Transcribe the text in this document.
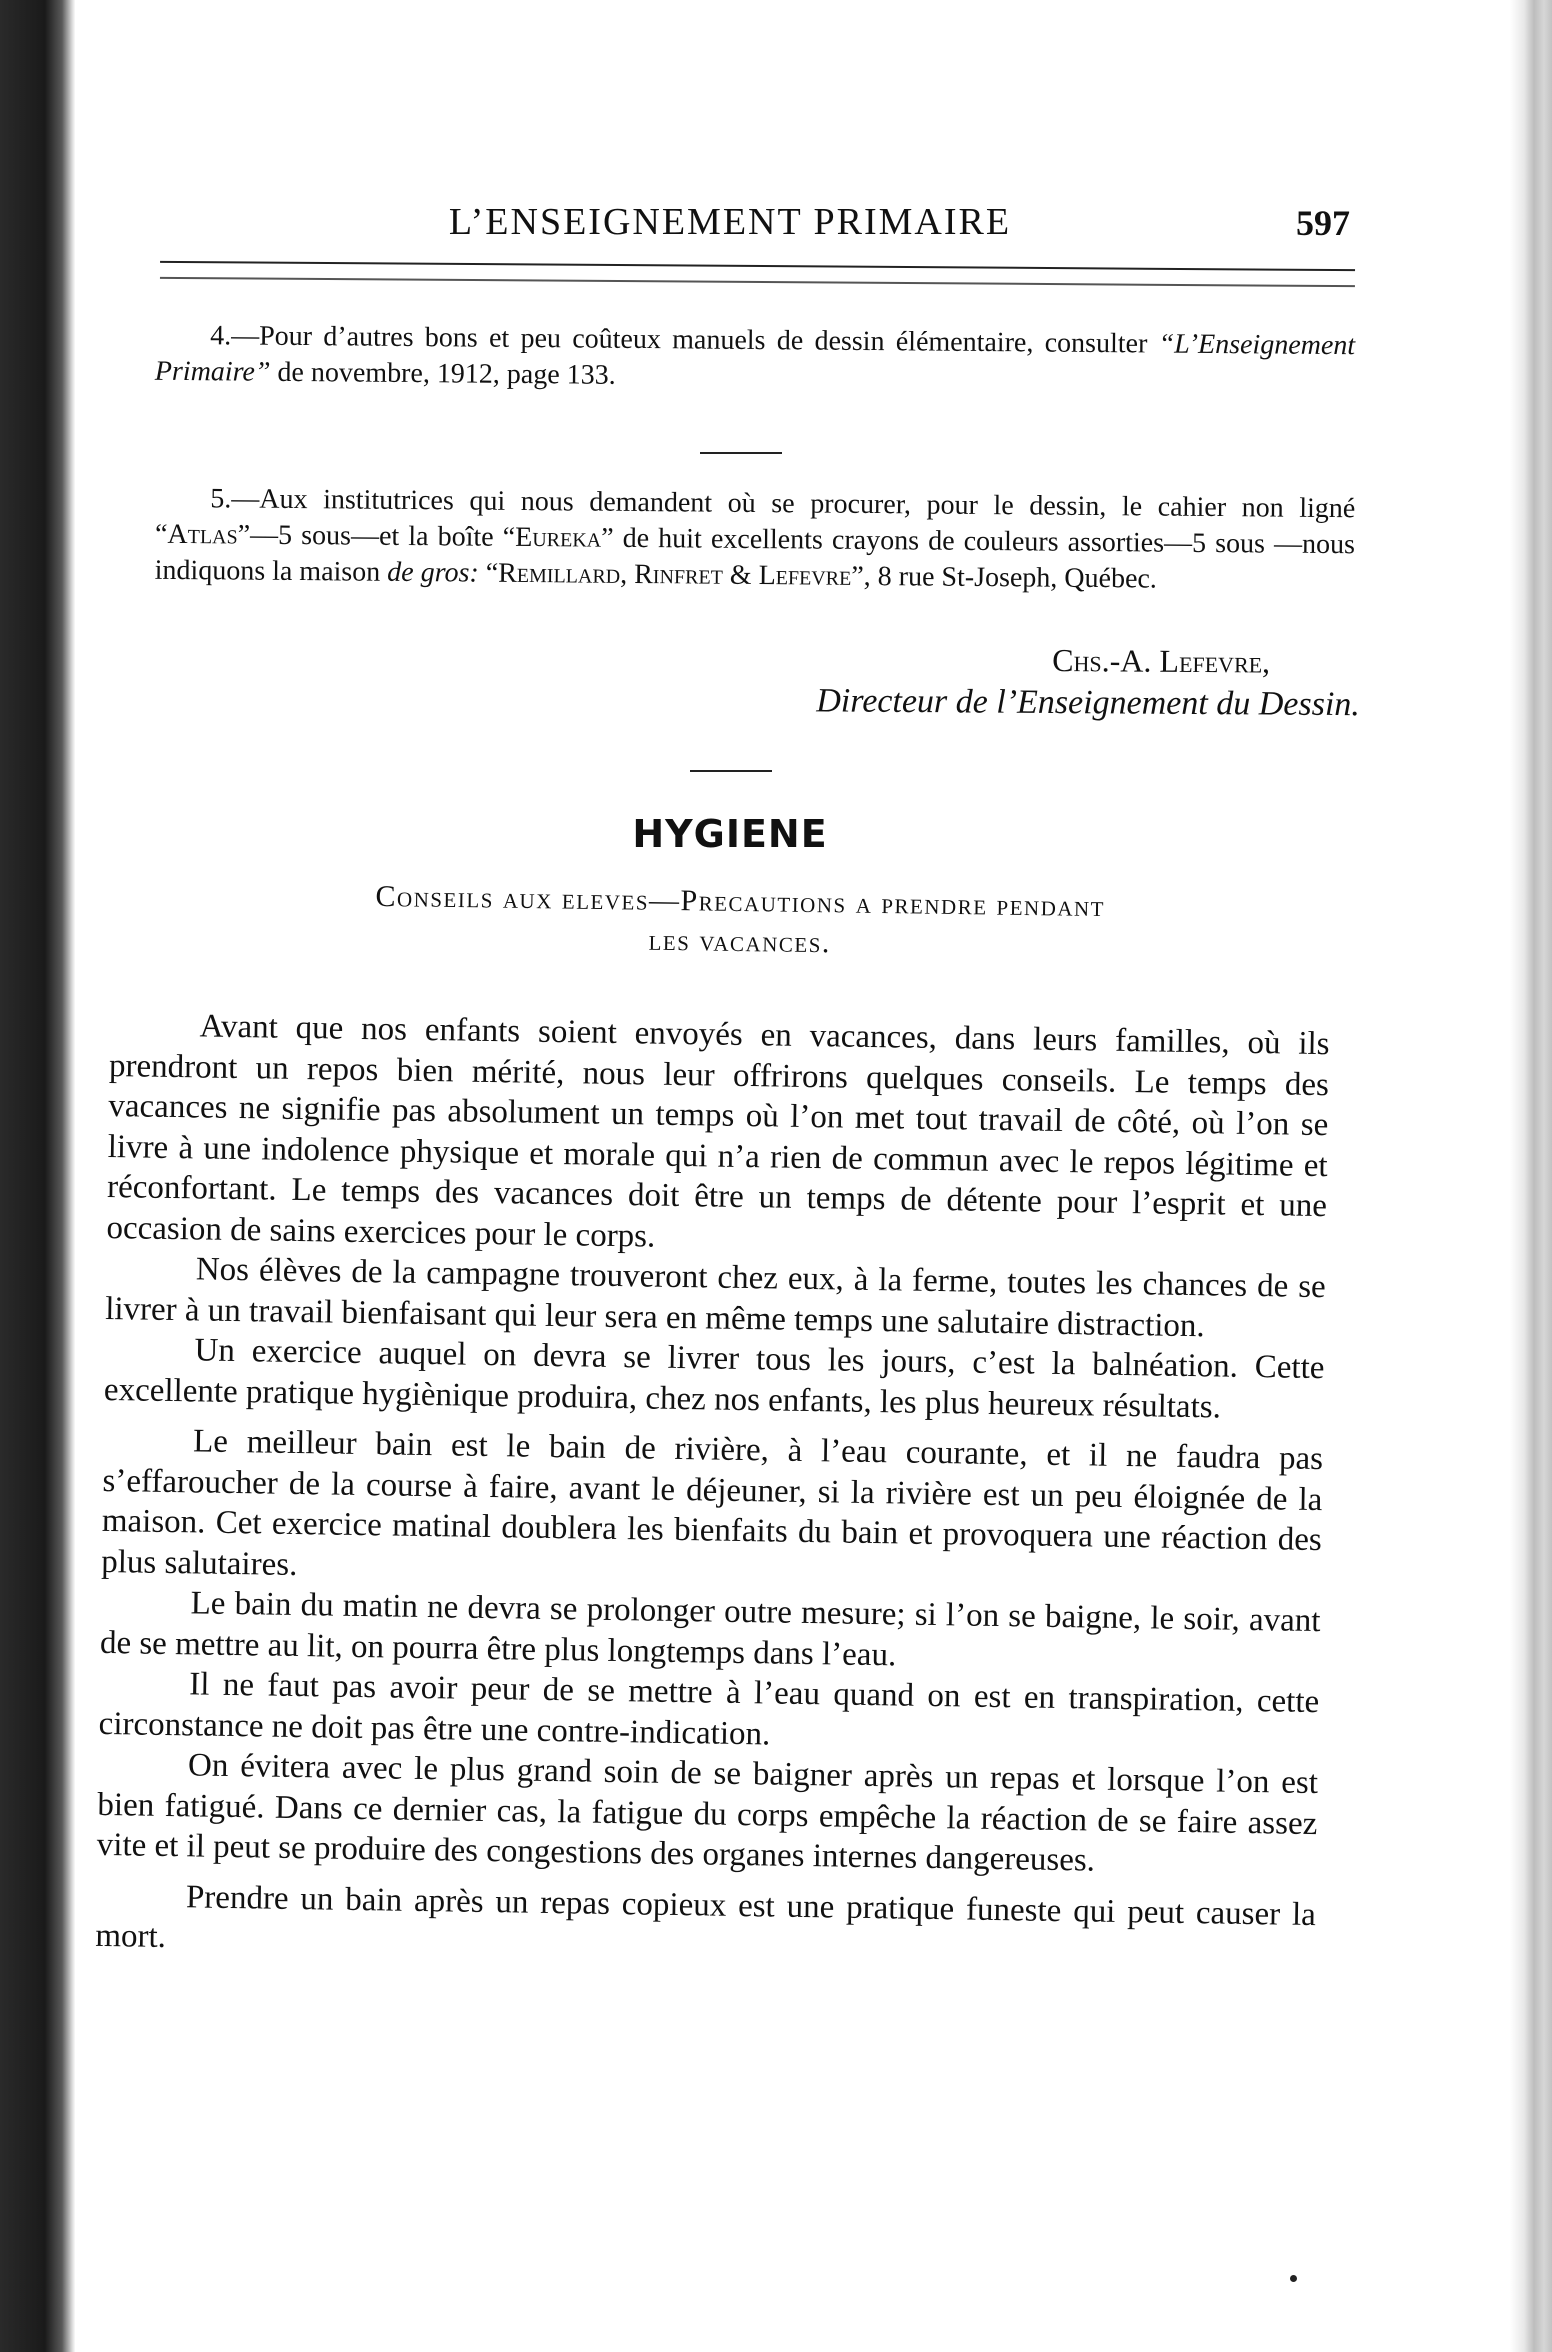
L’ENSEIGNEMENT PRIMAIRE	597

4.—Pour d’autres bons et peu coûteux manuels de dessin élémentaire, consulter “L’Enseignement Primaire” de novembre, 1912, page 133.

5.—Aux institutrices qui nous demandent où se procurer, pour le dessin, le cahier non ligné “Atlas”—5 sous—et la boîte “Eureka” de huit excellents crayons de couleurs assorties—5 sous —nous indiquons la maison de gros: “Remillard, Rinfret & Lefevre”, 8 rue St-Joseph, Québec.

Chs.-A. Lefevre,
Directeur de l’Enseignement du Dessin.
HYGIENE
Conseils aux eleves—Precautions a prendre pendant
les vacances.

Avant que nos enfants soient envoyés en vacances, dans leurs familles, où ils prendront un repos bien mérité, nous leur offrirons quelques conseils. Le temps des vacances ne signifie pas absolument un temps où l’on met tout travail de côté, où l’on se livre à une indolence physique et morale qui n’a rien de commun avec le repos légitime et réconfortant. Le temps des vacances doit être un temps de détente pour l’esprit et une occasion de sains exercices pour le corps.

Nos élèves de la campagne trouveront chez eux, à la ferme, toutes les chances de se livrer à un travail bienfaisant qui leur sera en même temps une salutaire distraction.

Un exercice auquel on devra se livrer tous les jours, c’est la balnéation. Cette excellente pratique hygiènique produira, chez nos enfants, les plus heureux résultats.

Le meilleur bain est le bain de rivière, à l’eau courante, et il ne faudra pas s’effaroucher de la course à faire, avant le déjeuner, si la rivière est un peu éloignée de la maison. Cet exercice matinal doublera les bienfaits du bain et provoquera une réaction des plus salutaires.

Le bain du matin ne devra se prolonger outre mesure; si l’on se baigne, le soir, avant de se mettre au lit, on pourra être plus longtemps dans l’eau.

Il ne faut pas avoir peur de se mettre à l’eau quand on est en transpiration, cette circonstance ne doit pas être une contre-indication.

On évitera avec le plus grand soin de se baigner après un repas et lorsque l’on est bien fatigué. Dans ce dernier cas, la fatigue du corps empêche la réaction de se faire assez vite et il peut se produire des congestions des organes internes dangereuses.

Prendre un bain après un repas copieux est une pratique funeste qui peut causer la mort.
